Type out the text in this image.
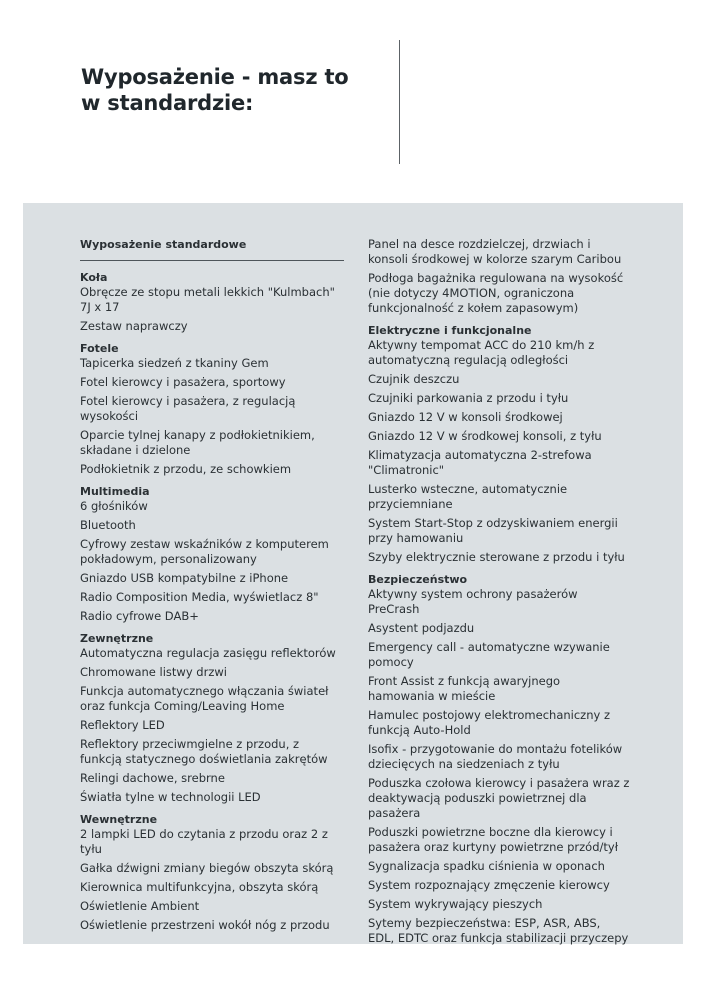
Wyposażenie - masz to
w standardzie:
Wyposażenie standardowe
Koła
Obręcze ze stopu metali lekkich "Kulmbach" 7J x 17
Zestaw naprawczy
Fotele
Tapicerka siedzeń z tkaniny Gem
Fotel kierowcy i pasażera, sportowy
Fotel kierowcy i pasażera, z regulacją wysokości
Oparcie tylnej kanapy z podłokietnikiem, składane i dzielone
Podłokietnik z przodu, ze schowkiem
Multimedia
6 głośników
Bluetooth
Cyfrowy zestaw wskaźników z komputerem pokładowym, personalizowany
Gniazdo USB kompatybilne z iPhone
Radio Composition Media, wyświetlacz 8"
Radio cyfrowe DAB+
Zewnętrzne
Automatyczna regulacja zasięgu reflektorów
Chromowane listwy drzwi
Funkcja automatycznego włączania świateł oraz funkcja Coming/Leaving Home
Reflektory LED
Reflektory przeciwmgielne z przodu, z funkcją statycznego doświetlania zakrętów
Relingi dachowe, srebrne
Światła tylne w technologii LED
Wewnętrzne
2 lampki LED do czytania z przodu oraz 2 z tyłu
Gałka dźwigni zmiany biegów obszyta skórą
Kierownica multifunkcyjna, obszyta skórą
Oświetlenie Ambient
Oświetlenie przestrzeni wokół nóg z przodu
Panel na desce rozdzielczej, drzwiach i konsoli środkowej w kolorze szarym Caribou
Podłoga bagażnika regulowana na wysokość (nie dotyczy 4MOTION, ograniczona funkcjonalność z kołem zapasowym)
Elektryczne i funkcjonalne
Aktywny tempomat ACC do 210 km/h z automatyczną regulacją odległości
Czujnik deszczu
Czujniki parkowania z przodu i tyłu
Gniazdo 12 V w konsoli środkowej
Gniazdo 12 V w środkowej konsoli, z tyłu
Klimatyzacja automatyczna 2-strefowa "Climatronic"
Lusterko wsteczne, automatycznie przyciemniane
System Start-Stop z odzyskiwaniem energii przy hamowaniu
Szyby elektrycznie sterowane z przodu i tyłu
Bezpieczeństwo
Aktywny system ochrony pasażerów PreCrash
Asystent podjazdu
Emergency call - automatyczne wzywanie pomocy
Front Assist z funkcją awaryjnego hamowania w mieście
Hamulec postojowy elektromechaniczny z funkcją Auto-Hold
Isofix - przygotowanie do montażu fotelików dziecięcych na siedzeniach z tyłu
Poduszka czołowa kierowcy i pasażera wraz z deaktywacją poduszki powietrznej dla pasażera
Poduszki powietrzne boczne dla kierowcy i pasażera oraz kurtyny powietrzne przód/tył
Sygnalizacja spadku ciśnienia w oponach
System rozpoznający zmęczenie kierowcy
System wykrywający pieszych
Sytemy bezpieczeństwa: ESP, ASR, ABS, EDL, EDTC oraz funkcja stabilizacji przyczepy
